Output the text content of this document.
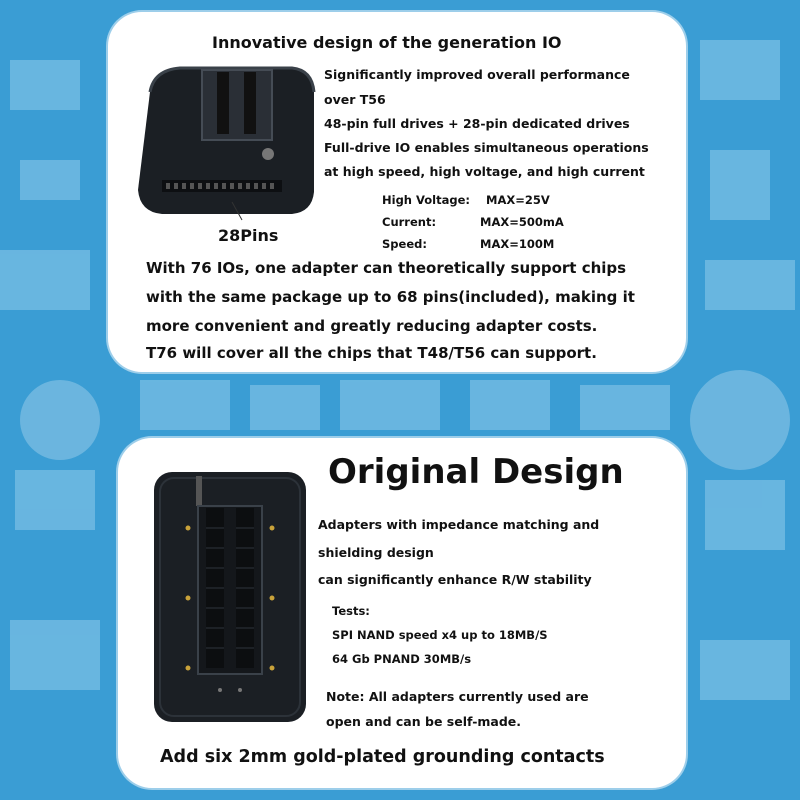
Innovative design of the generation IO
Significantly improved overall performance
over T56
48-pin full drives + 28-pin dedicated drives
Full-drive IO enables simultaneous operations
at high speed, high voltage, and high current
High Voltage: MAX=25V
Current:	MAX=500mA
Speed:	MAX=100M
28Pins
With 76 IOs, one adapter can theoretically support chips
with the same package up to 68 pins(included), making it
more convenient and greatly reducing adapter costs.
T76 will cover all the chips that T48/T56 can support.
Original Design
Adapters with impedance matching and
shielding design
can significantly enhance R/W stability
Tests:
SPI NAND speed x4 up to 18MB/S
64 Gb PNAND 30MB/s
Note: All adapters currently used are
open and can be self-made.
Add six 2mm gold-plated grounding contacts
